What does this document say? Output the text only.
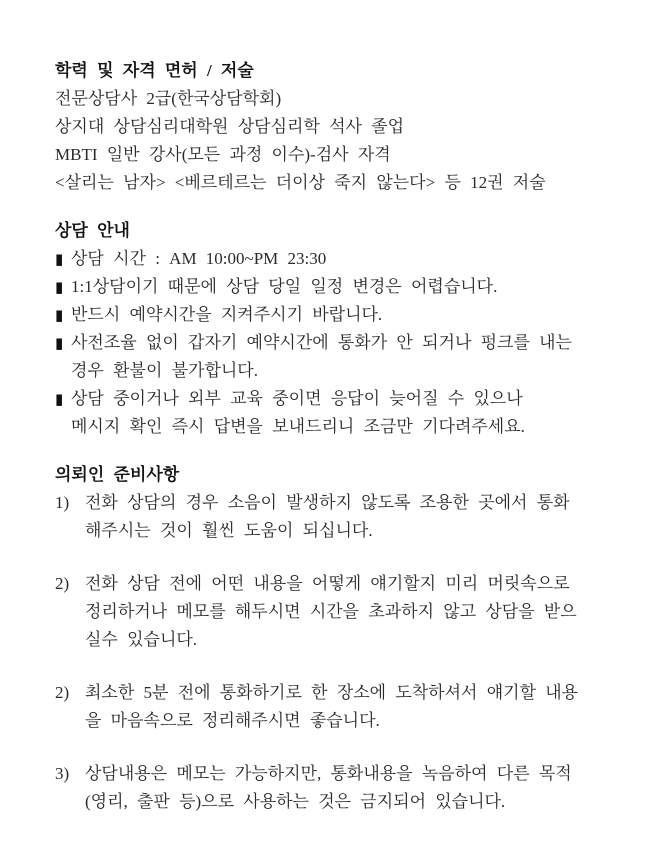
학력 및 자격 면허 / 저술
전문상담사 2급(한국상담학회)
상지대 상담심리대학원 상담심리학 석사 졸업
MBTI 일반 강사(모든 과정 이수)-검사 자격
<살리는 남자> <베르테르는 더이상 죽지 않는다> 등 12권 저술
상담 안내
▮ 상담 시간 : AM 10:00~PM 23:30
▮ 1:1상담이기 때문에 상담 당일 일정 변경은 어렵습니다.
▮ 반드시 예약시간을 지켜주시기 바랍니다.
▮ 사전조율 없이 갑자기 예약시간에 통화가 안 되거나 펑크를 내는
경우 환불이 불가합니다.
▮ 상담 중이거나 외부 교육 중이면 응답이 늦어질 수 있으나
메시지 확인 즉시 답변을 보내드리니 조금만 기다려주세요.
의뢰인 준비사항
1) 전화 상담의 경우 소음이 발생하지 않도록 조용한 곳에서 통화
해주시는 것이 훨씬 도움이 되십니다.
2) 전화 상담 전에 어떤 내용을 어떻게 얘기할지 미리 머릿속으로
정리하거나 메모를 해두시면 시간을 초과하지 않고 상담을 받으
실수 있습니다.
2) 최소한 5분 전에 통화하기로 한 장소에 도착하셔서 얘기할 내용
을 마음속으로 정리해주시면 좋습니다.
3) 상담내용은 메모는 가능하지만, 통화내용을 녹음하여 다른 목적
(영리, 출판 등)으로 사용하는 것은 금지되어 있습니다.
